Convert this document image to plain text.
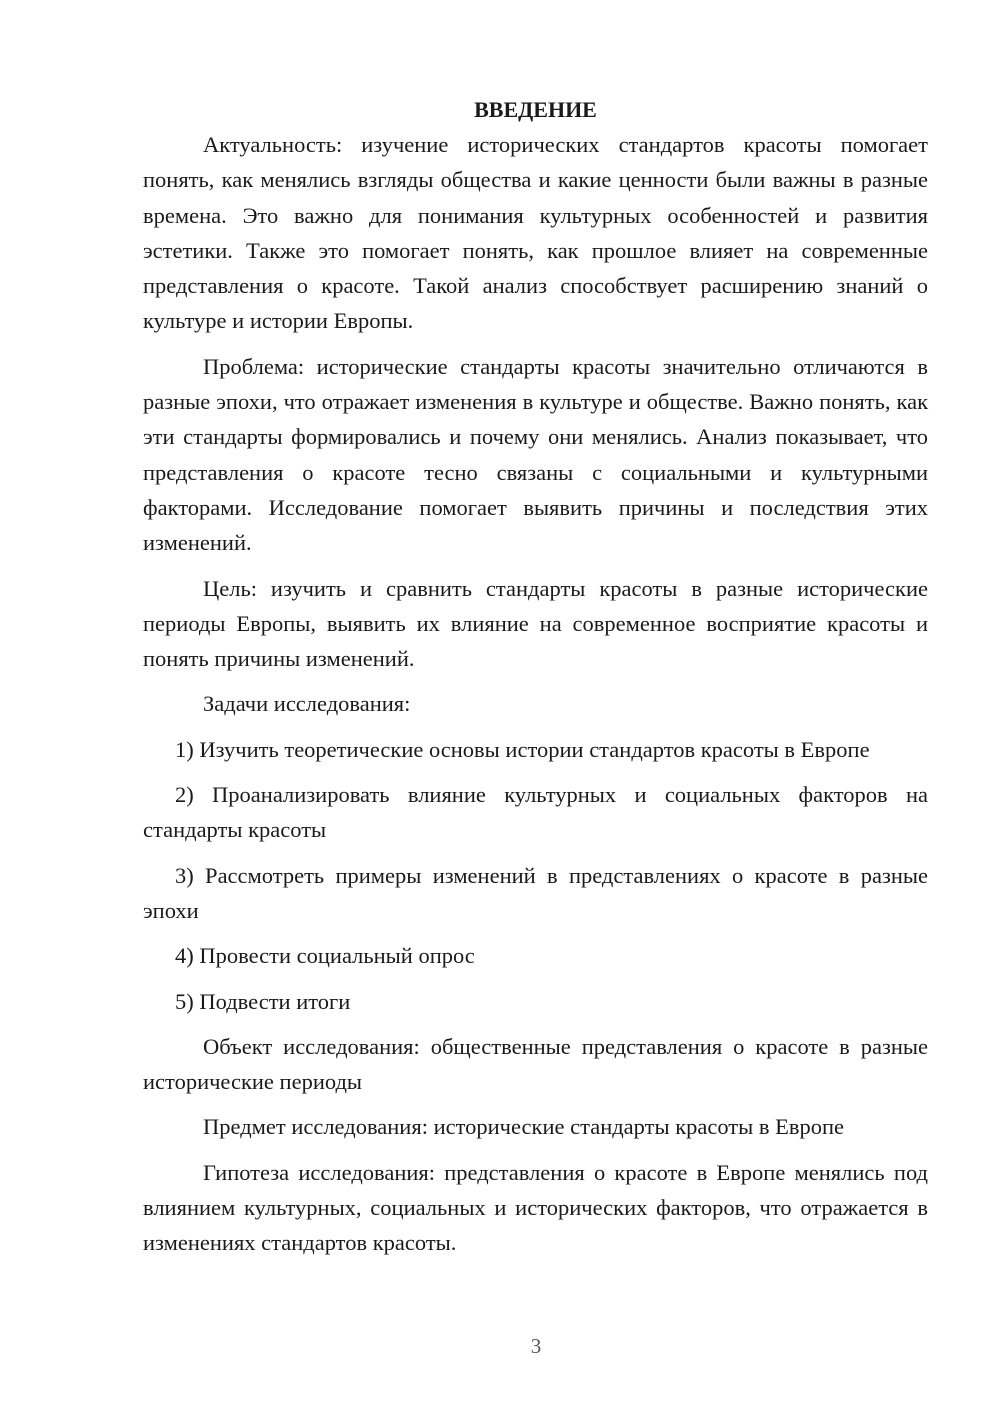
ВВЕДЕНИЕ

Актуальность: изучение исторических стандартов красоты помогает понять, как менялись взгляды общества и какие ценности были важны в разные времена. Это важно для понимания культурных особенностей и развития эстетики. Также это помогает понять, как прошлое влияет на современные представления о красоте. Такой анализ способствует расширению знаний о культуре и истории Европы.

Проблема: исторические стандарты красоты значительно отличаются в разные эпохи, что отражает изменения в культуре и обществе. Важно понять, как эти стандарты формировались и почему они менялись. Анализ показывает, что представления о красоте тесно связаны с социальными и культурными факторами. Исследование помогает выявить причины и последствия этих изменений.

Цель: изучить и сравнить стандарты красоты в разные исторические периоды Европы, выявить их влияние на современное восприятие красоты и понять причины изменений.

Задачи исследования:

1) Изучить теоретические основы истории стандартов красоты в Европе

2) Проанализировать влияние культурных и социальных факторов на стандарты красоты

3) Рассмотреть примеры изменений в представлениях о красоте в разные эпохи

4) Провести социальный опрос

5) Подвести итоги

Объект исследования: общественные представления о красоте в разные исторические периоды

Предмет исследования: исторические стандарты красоты в Европе

Гипотеза исследования: представления о красоте в Европе менялись под влиянием культурных, социальных и исторических факторов, что отражается в изменениях стандартов красоты.

3
